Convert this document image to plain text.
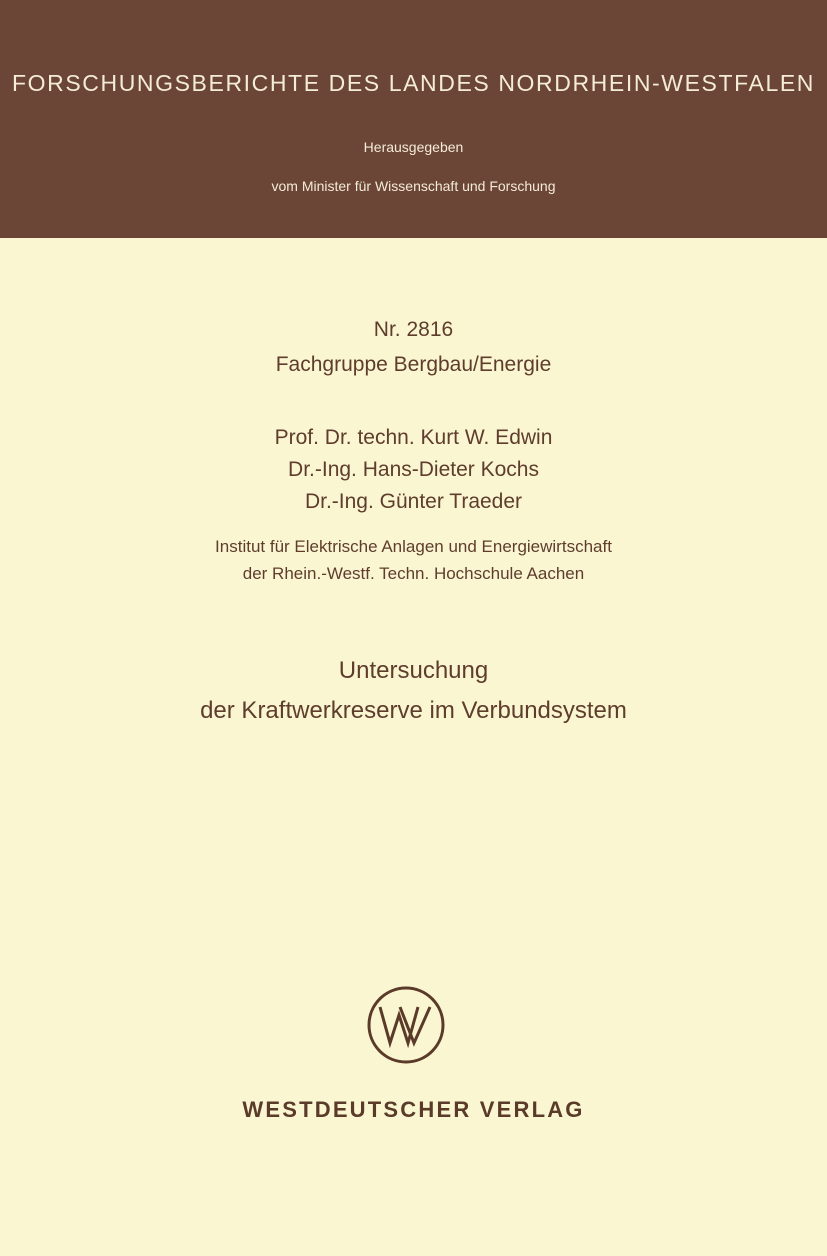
FORSCHUNGSBERICHTE DES LANDES NORDRHEIN-WESTFALEN
Herausgegeben
vom Minister für Wissenschaft und Forschung
Nr. 2816
Fachgruppe Bergbau/Energie
Prof. Dr. techn. Kurt W. Edwin
Dr.-Ing. Hans-Dieter Kochs
Dr.-Ing. Günter Traeder
Institut für Elektrische Anlagen und Energiewirtschaft
der Rhein.-Westf. Techn. Hochschule Aachen
Untersuchung
der Kraftwerkreserve im Verbundsystem
WESTDEUTSCHER VERLAG
